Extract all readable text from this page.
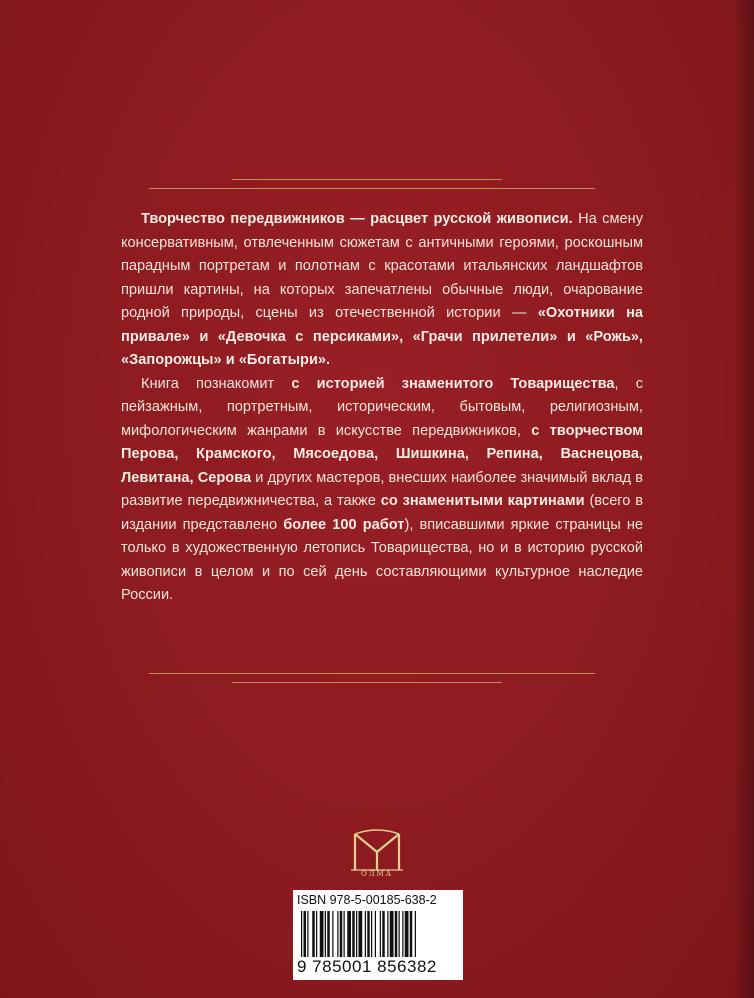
Творчество передвижников — расцвет русской живописи. На смену консервативным, отвлеченным сюжетам с античными героями, роскошным парадным портретам и полотнам с красотами итальянских ландшафтов пришли картины, на которых запечатлены обычные люди, очарование родной природы, сцены из отечественной истории — «Охотники на привале» и «Девочка с персиками», «Грачи прилетели» и «Рожь», «Запорожцы» и «Богатыри».

Книга познакомит с историей знаменитого Товарищества, с пейзажным, портретным, историческим, бытовым, религиозным, мифологическим жанрами в искусстве передвижников, с творчеством Перова, Крамского, Мясоедова, Шишкина, Репина, Васнецова, Левитана, Серова и других мастеров, внесших наиболее значимый вклад в развитие передвижничества, а также со знаменитыми картинами (всего в издании представлено более 100 работ), вписавшими яркие страницы не только в художественную летопись Товарищества, но и в историю русской живописи в целом и по сей день составляющими культурное наследие России.

ОЛМА
ISBN 978-5-00185-638-2
9 785001 856382
